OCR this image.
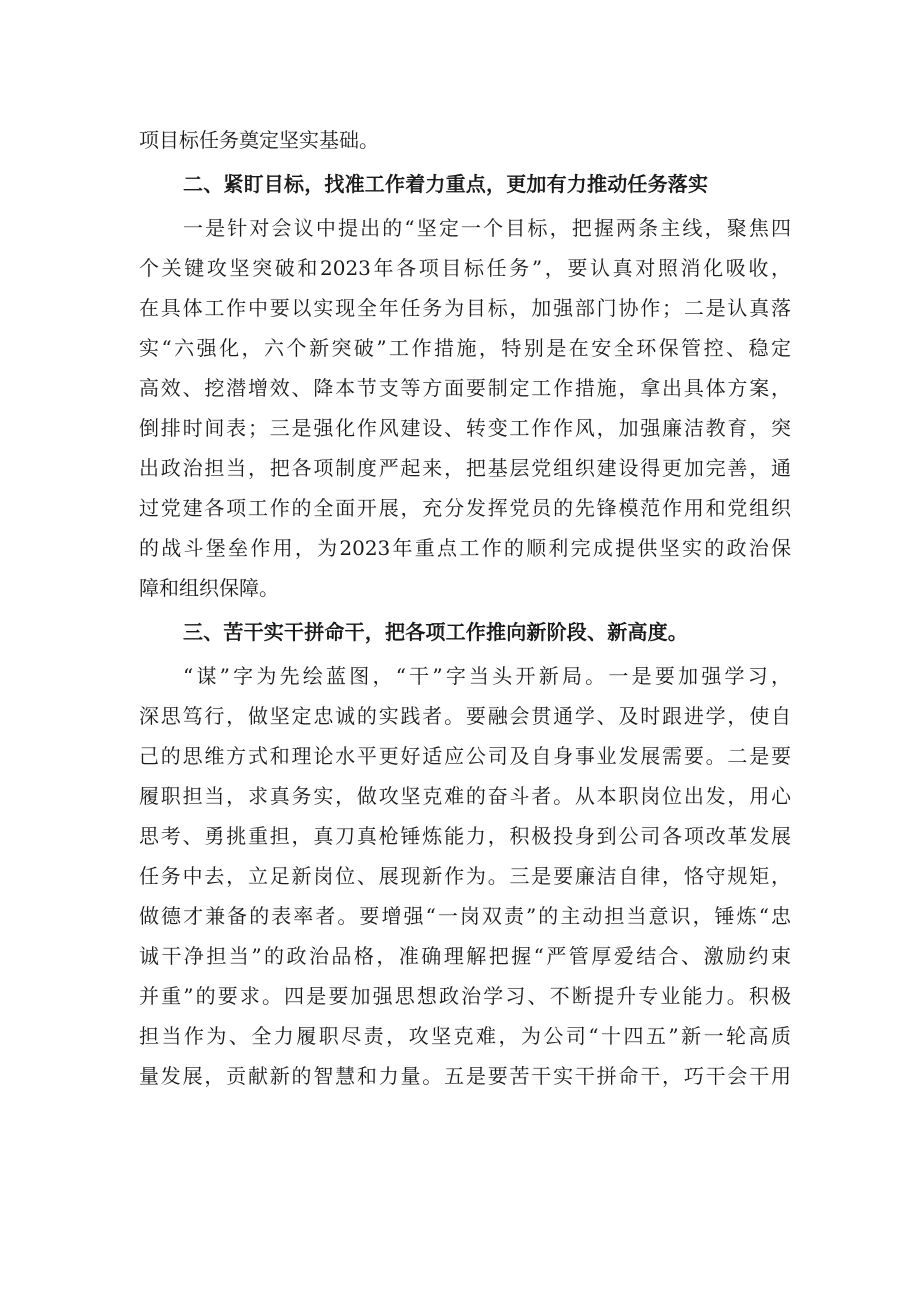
项目标任务奠定坚实基础。
二、紧盯目标，找准工作着力重点，更加有力推动任务落实
一是针对会议中提出的“坚定一个目标，把握两条主线，聚焦四
个关键攻坚突破和2023年各项目标任务”，要认真对照消化吸收，
在具体工作中要以实现全年任务为目标，加强部门协作；二是认真落
实“六强化，六个新突破”工作措施，特别是在安全环保管控、稳定
高效、挖潜增效、降本节支等方面要制定工作措施，拿出具体方案，
倒排时间表；三是强化作风建设、转变工作作风，加强廉洁教育，突
出政治担当，把各项制度严起来，把基层党组织建设得更加完善，通
过党建各项工作的全面开展，充分发挥党员的先锋模范作用和党组织
的战斗堡垒作用，为2023年重点工作的顺利完成提供坚实的政治保
障和组织保障。
三、苦干实干拼命干，把各项工作推向新阶段、新高度。
“谋”字为先绘蓝图，“干”字当头开新局。一是要加强学习，
深思笃行，做坚定忠诚的实践者。要融会贯通学、及时跟进学，使自
己的思维方式和理论水平更好适应公司及自身事业发展需要。二是要
履职担当，求真务实，做攻坚克难的奋斗者。从本职岗位出发，用心
思考、勇挑重担，真刀真枪锤炼能力，积极投身到公司各项改革发展
任务中去，立足新岗位、展现新作为。三是要廉洁自律，恪守规矩，
做德才兼备的表率者。要增强“一岗双责”的主动担当意识，锤炼“忠
诚干净担当”的政治品格，准确理解把握“严管厚爱结合、激励约束
并重”的要求。四是要加强思想政治学习、不断提升专业能力。积极
担当作为、全力履职尽责，攻坚克难，为公司“十四五”新一轮高质
量发展，贡献新的智慧和力量。五是要苦干实干拼命干，巧干会干用
